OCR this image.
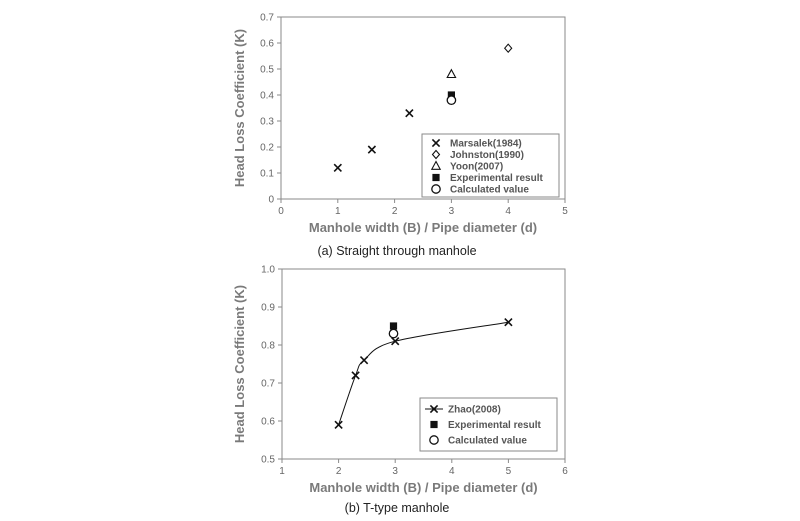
0	1	2	3	4	5
0
0.1
0.2
0.3
0.4
0.5
0.6
0.7
Manhole width (B) / Pipe diameter (d)
Head Loss Coefficient (K)	Marsalek(1984)
Johnston(1990)
Yoon(2007)
Experimental result
Calculated value
(a) Straight through manhole
1	2	3	4	5	6
0.5
0.6
0.7
0.8
0.9
1.0
Manhole width (B) / Pipe diameter (d)
Head Loss Coefficient (K)	Zhao(2008)
Experimental result
Calculated value
(b) T-type manhole
